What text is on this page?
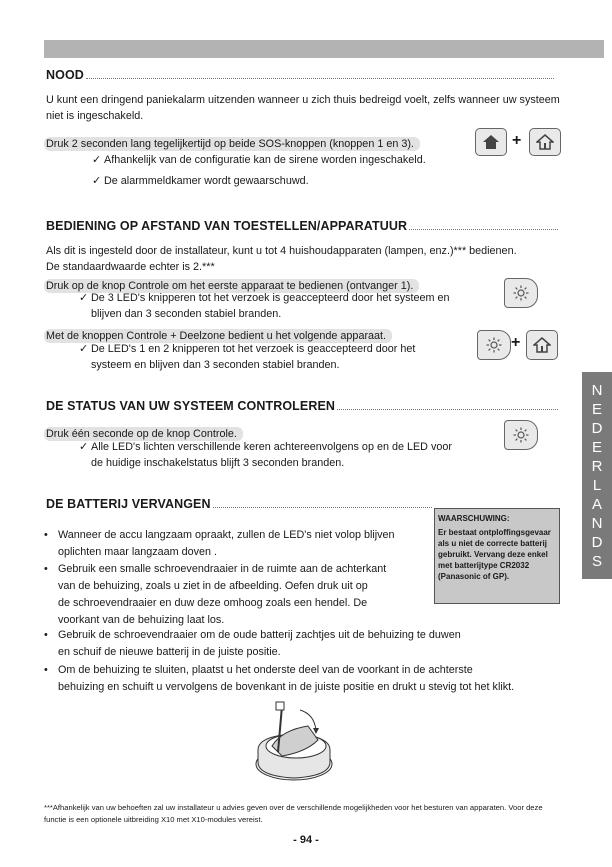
NOOD
U kunt een dringend paniekalarm uitzenden wanneer u zich thuis bedreigd voelt, zelfs wanneer uw systeem niet is ingeschakeld.
Druk 2 seconden lang tegelijkertijd op beide SOS-knoppen (knoppen 1 en 3).
✓ Afhankelijk van de configuratie kan de sirene worden ingeschakeld.
✓ De alarmmeldkamer wordt gewaarschuwd.
+
BEDIENING OP AFSTAND VAN TOESTELLEN/APPARATUUR
Als dit is ingesteld door de installateur, kunt u tot 4 huishoudapparaten (lampen, enz.)*** bedienen.
De standaardwaarde echter is 2.***
Druk op de knop Controle om het eerste apparaat te bedienen (ontvanger 1).
✓ De 3 LED's knipperen tot het verzoek is geaccepteerd door het systeem en
blijven dan 3 seconden stabiel branden.
Met de knoppen Controle + Deelzone bedient u het volgende apparaat.
✓ De LED's 1 en 2 knipperen tot het verzoek is geaccepteerd door het
systeem en blijven dan 3 seconden stabiel branden.
+
DE STATUS VAN UW SYSTEEM CONTROLEREN
Druk één seconde op de knop Controle.
✓ Alle LED's lichten verschillende keren achtereenvolgens op en de LED voor
de huidige inschakelstatus blijft 3 seconden branden.
DE BATTERIJ VERVANGEN
• Wanneer de accu langzaam opraakt, zullen de LED's niet volop blijven
oplichten maar langzaam doven .
• Gebruik een smalle schroevendraaier in de ruimte aan de achterkant
van de behuizing, zoals u ziet in de afbeelding. Oefen druk uit op
de schroevendraaier en duw deze omhoog zoals een hendel. De
voorkant van de behuizing laat los.
• Gebruik de schroevendraaier om de oude batterij zachtjes uit de behuizing te duwen
en schuif de nieuwe batterij in de juiste positie.
• Om de behuizing te sluiten, plaatst u het onderste deel van de voorkant in de achterste
behuizing en schuift u vervolgens de bovenkant in de juiste positie en drukt u stevig tot het klikt.
WAARSCHUWING:
Er bestaat ontploffingsgevaar
als u niet de correcte batterij
gebruikt. Vervang deze enkel
met batterijtype CR2032
(Panasonic of GP).
N
E
D
E
R
L
A
N
D
S
***Afhankelijk van uw behoeften zal uw installateur u advies geven over de verschillende mogelijkheden voor het besturen van apparaten. Voor deze functie is een optionele uitbreiding X10 met X10-modules vereist.
- 94 -
